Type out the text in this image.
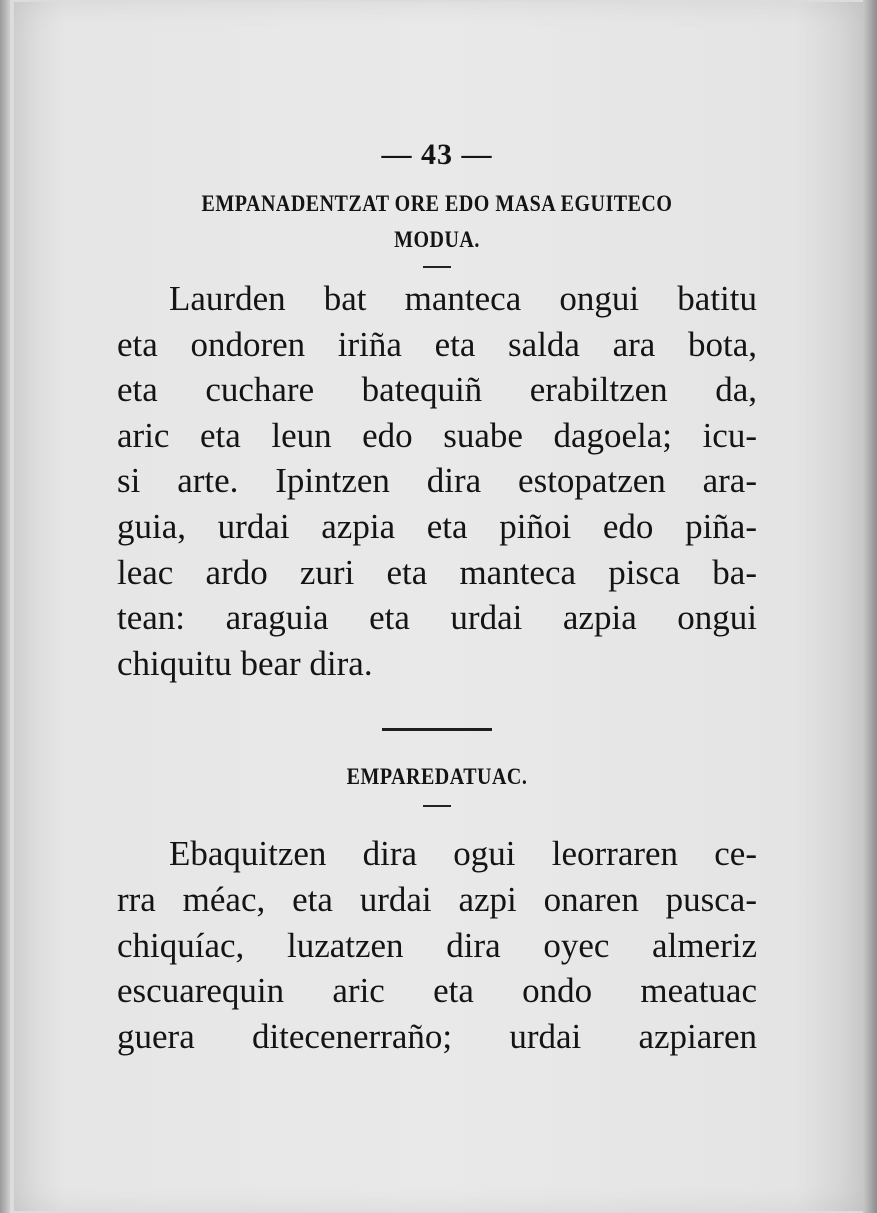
— 43 —

EMPANADENTZAT ORE EDO MASA EGUITECO

MODUA.

Laurden bat manteca ongui batitu
eta ondoren iriña eta salda ara bota,
eta cuchare batequiñ erabiltzen da,
aric eta leun edo suabe dagoela; icu-
si arte. Ipintzen dira estopatzen ara-
guia, urdai azpia eta piñoi edo piña-
leac ardo zuri eta manteca pisca ba-
tean: araguia eta urdai azpia ongui
chiquitu bear dira.

EMPAREDATUAC.

Ebaquitzen dira ogui leorraren ce-
rra méac, eta urdai azpi onaren pusca-
chiquíac, luzatzen dira oyec almeriz
escuarequin aric eta ondo meatuac
guera ditecenerraño; urdai azpiaren
